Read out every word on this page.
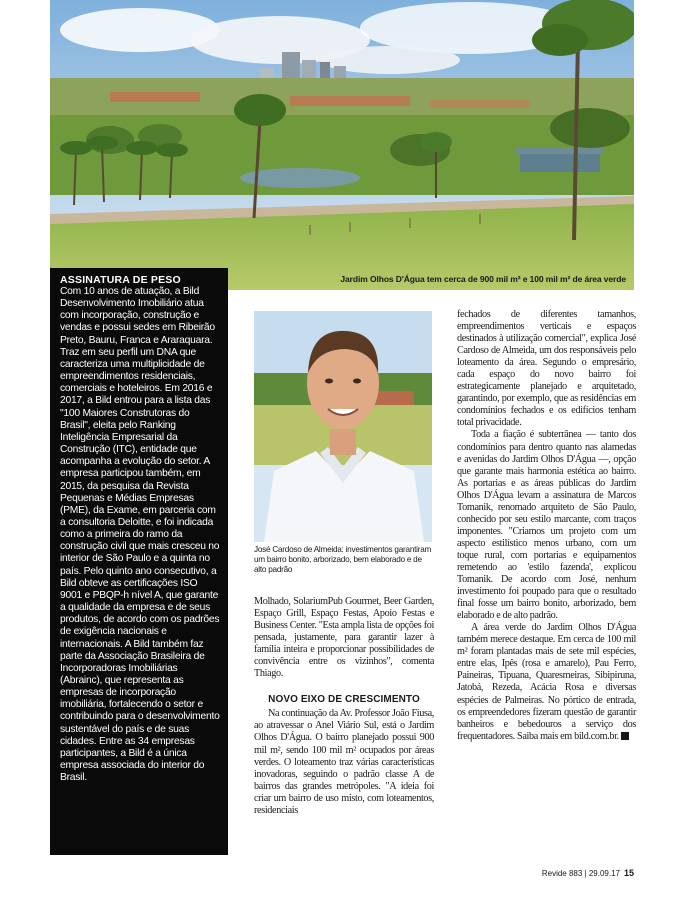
Jardim Olhos D'Água tem cerca de 900 mil m² e 100 mil m² de área verde
ASSINATURA DE PESO
Com 10 anos de atuação, a Bild Desenvolvimento Imobiliário atua com incorporação, construção e vendas e possui sedes em Ribeirão Preto, Bauru, Franca e Araraquara. Traz em seu perfil um DNA que caracteriza uma multiplicidade de empreendimentos residenciais, comerciais e hoteleiros. Em 2016 e 2017, a Bild entrou para a lista das "100 Maiores Construtoras do Brasil", eleita pelo Ranking Inteligência Empresarial da Construção (ITC), entidade que acompanha a evolução do setor. A empresa participou também, em 2015, da pesquisa da Revista Pequenas e Médias Empresas (PME), da Exame, em parceria com a consultoria Deloitte, e foi indicada como a primeira do ramo da construção civil que mais cresceu no interior de São Paulo e a quinta no país. Pelo quinto ano consecutivo, a Bild obteve as certificações ISO 9001 e PBQP-h nível A, que garante a qualidade da empresa e de seus produtos, de acordo com os padrões de exigência nacionais e internacionais. A Bild também faz parte da Associação Brasileira de Incorporadoras Imobiliárias (Abrainc), que representa as empresas de incorporação imobiliária, fortalecendo o setor e contribuindo para o desenvolvimento sustentável do país e de suas cidades. Entre as 34 empresas participantes, a Bild é a única empresa associada do interior do Brasil.
José Cardoso de Almeida: investimentos garantiram um bairro bonito, arborizado, bem elaborado e de alto padrão

Molhado, SolariumPub Gourmet, Beer Garden, Espaço Grill, Espaço Festas, Apoio Festas e Business Center. "Esta ampla lista de opções foi pensada, justamente, para garantir lazer à família inteira e proporcionar possibilidades de convivência entre os vizinhos", comenta Thiago.

NOVO EIXO DE CRESCIMENTO

Na continuação da Av. Professor João Fiusa, ao atravessar o Anel Viário Sul, está o Jardim Olhos D'Água. O bairro planejado possui 900 mil m², sendo 100 mil m² ocupados por áreas verdes. O loteamento traz várias características inovadoras, seguindo o padrão classe A de bairros das grandes metrópoles. "A ideia foi criar um bairro de uso misto, com loteamentos, residenciais

fechados de diferentes tamanhos, empreendimentos verticais e espaços destinados à utilização comercial", explica José Cardoso de Almeida, um dos responsáveis pelo loteamento da área. Segundo o empresário, cada espaço do novo bairro foi estrategicamente planejado e arquitetado, garantindo, por exemplo, que as residências em condomínios fechados e os edifícios tenham total privacidade.

Toda a fiação é subterrânea — tanto dos condomínios para dentro quanto nas alamedas e avenidas do Jardim Olhos D'Água —, opção que garante mais harmonia estética ao bairro. As portarias e as áreas públicas do Jardim Olhos D'Água levam a assinatura de Marcos Tomanik, renomado arquiteto de São Paulo, conhecido por seu estilo marcante, com traços imponentes. "Criamos um projeto com um aspecto estilístico menos urbano, com um toque rural, com portarias e equipamentos remetendo ao 'estilo fazenda', explicou Tomanik. De acordo com José, nenhum investimento foi poupado para que o resultado final fosse um bairro bonito, arborizado, bem elaborado e de alto padrão.

A área verde do Jardim Olhos D'Água também merece destaque. Em cerca de 100 mil m² foram plantadas mais de sete mil espécies, entre elas, Ipês (rosa e amarelo), Pau Ferro, Paineiras, Tipuana, Quaresmeiras, Sibipiruna, Jatobá, Rezeda, Acácia Rosa e diversas espécies de Palmeiras. No pórtico de entrada, os empreendedores fizeram questão de garantir banheiros e bebedouros a serviço dos frequentadores. Saiba mais em bild.com.br.

Revide 883 | 29.09.17 15
